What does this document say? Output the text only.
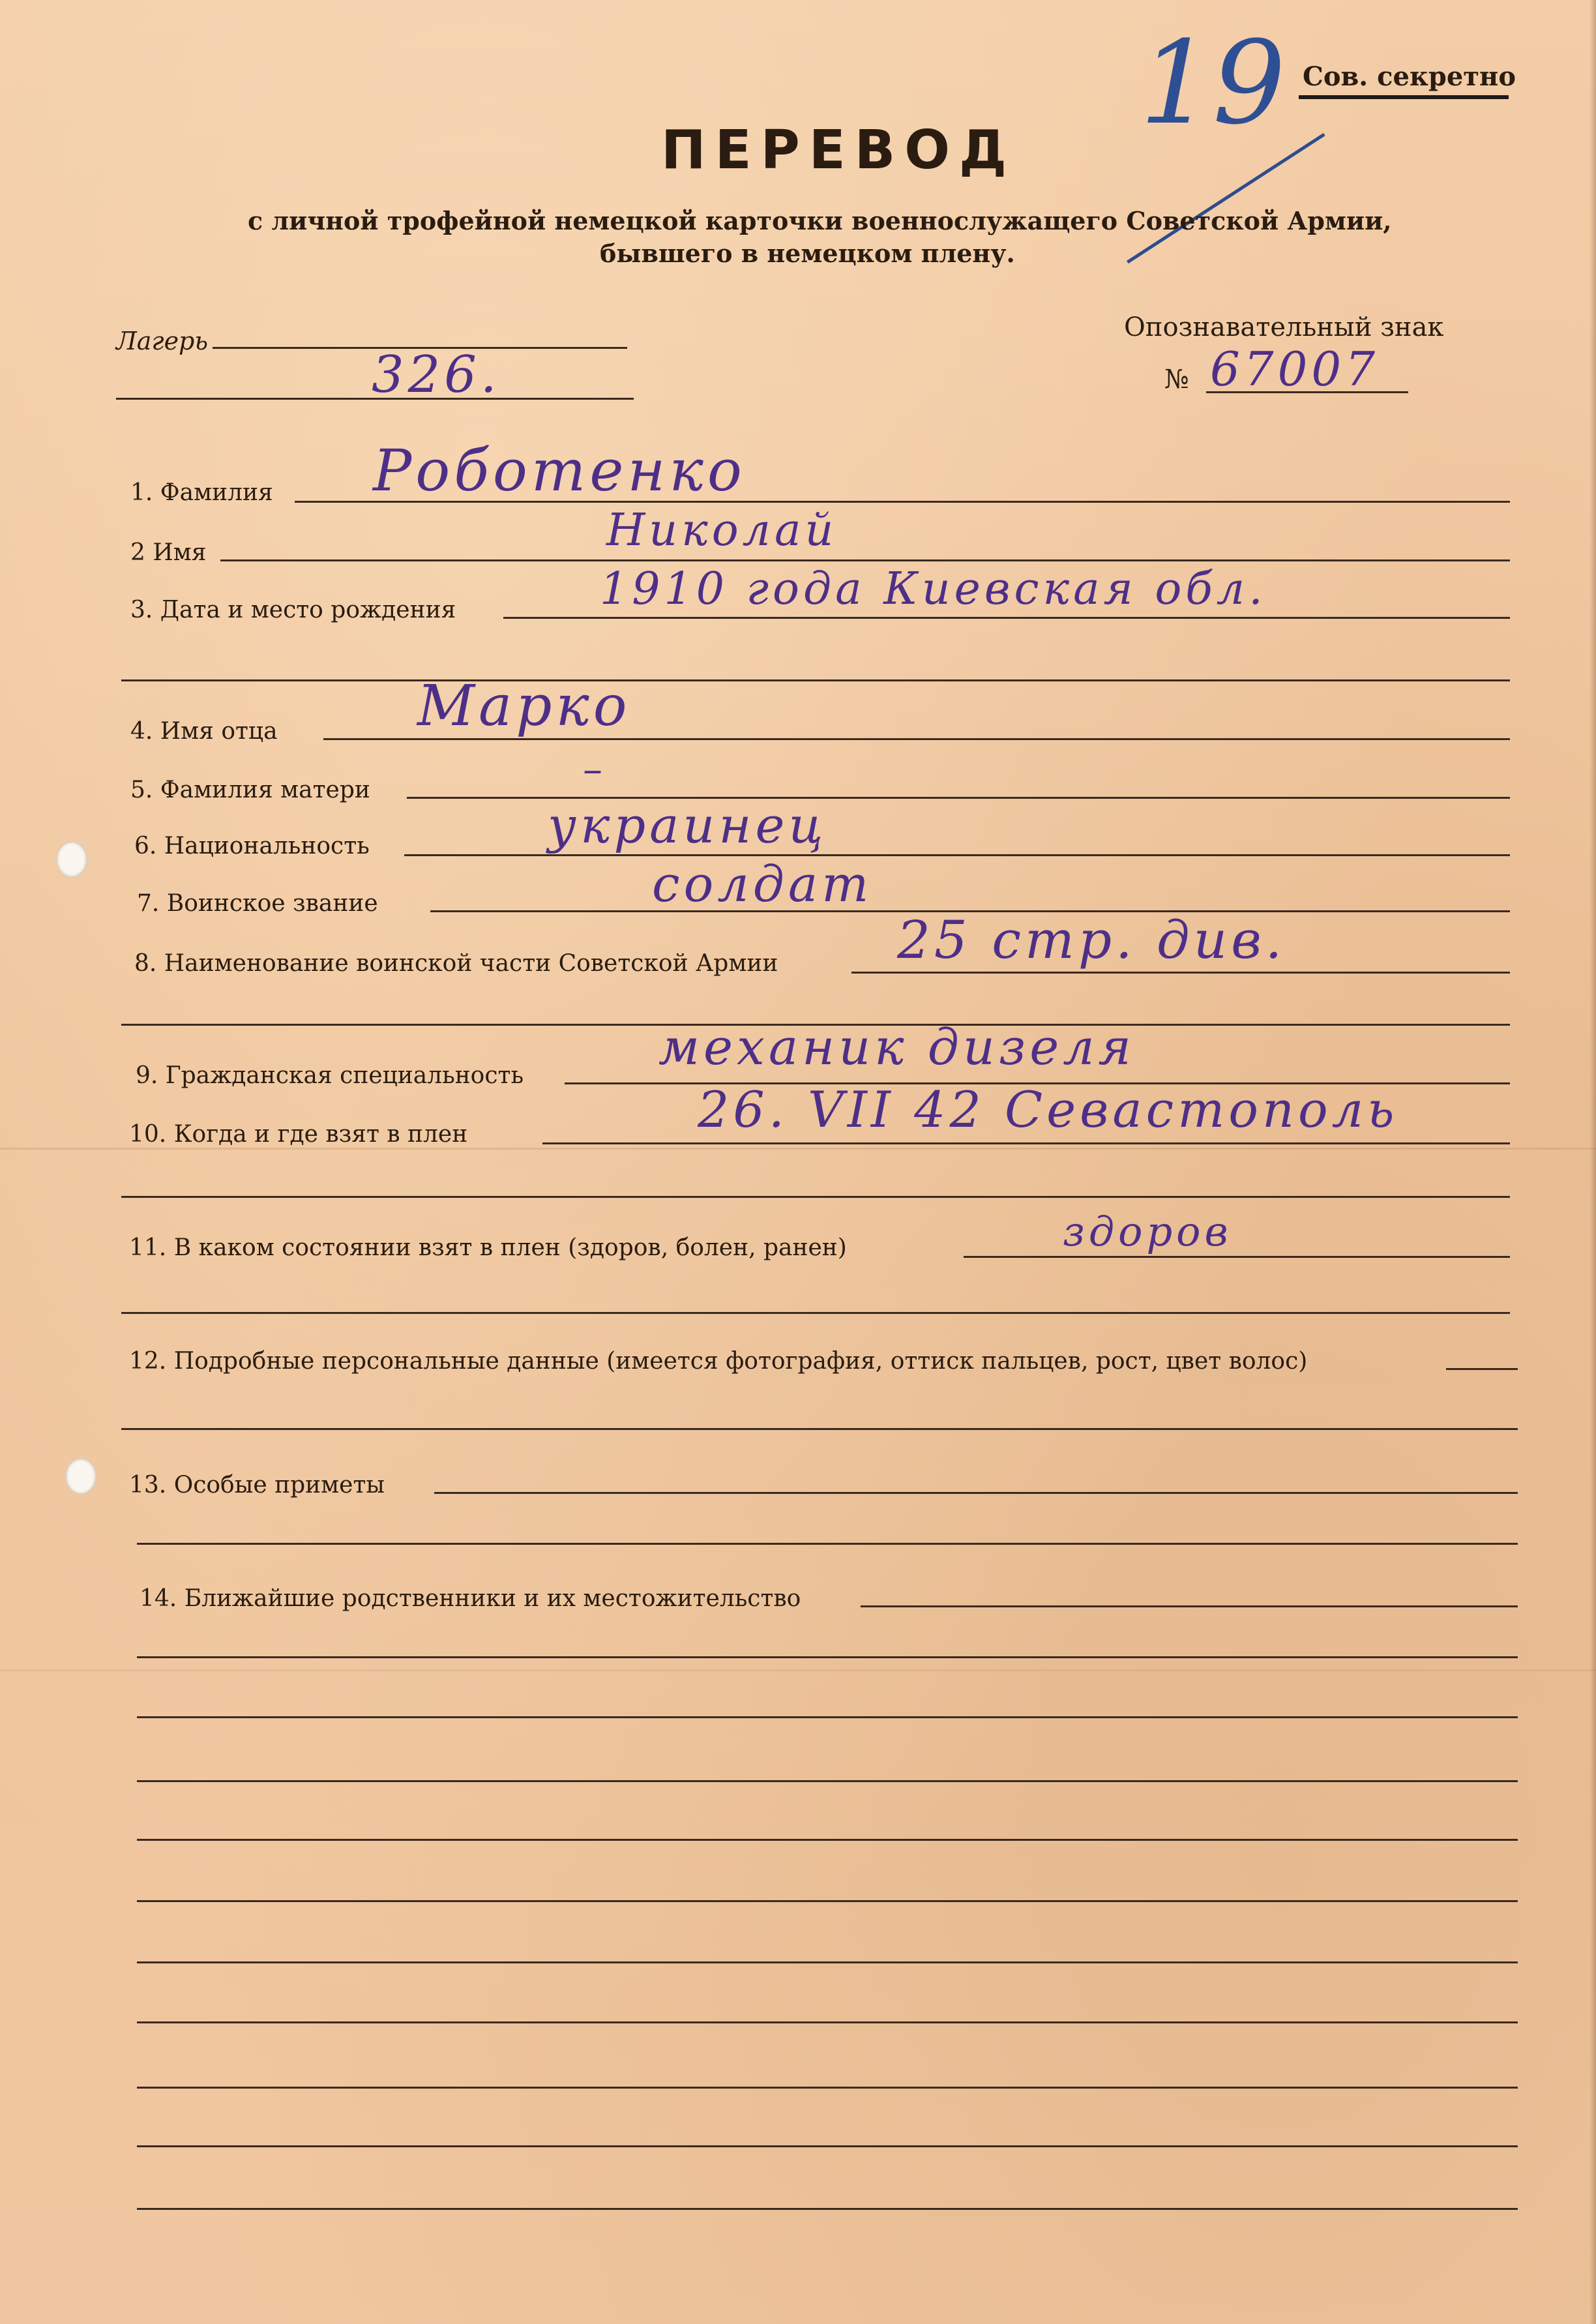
Сов. секретно
19
ПЕРЕВОД
с личной трофейной немецкой карточки военнослужащего Советской Армии,
бывшего в немецком плену.
Лагерь
326.
Опознавательный знак
№ 67007
1. Фамилия Роботенко
2 Имя	Николай
3. Дата и место рождения	1910 года Киевская обл.
4. Имя отца Марко
5. Фамилия матери	–
6. Национальность	украинец
7. Воинское звание	солдат
8. Наименование воинской части Советской Армии 25 стр. див.
9. Гражданская специальность	механик дизеля
10. Когда и где взят в плен	26. VII 42 Севастополь
11. В каком состоянии взят в плен (здоров, болен, ранен)	здоров
12. Подробные персональные данные (имеется фотография, оттиск пальцев, рост, цвет волос)
13. Особые приметы
14. Ближайшие родственники и их местожительство
